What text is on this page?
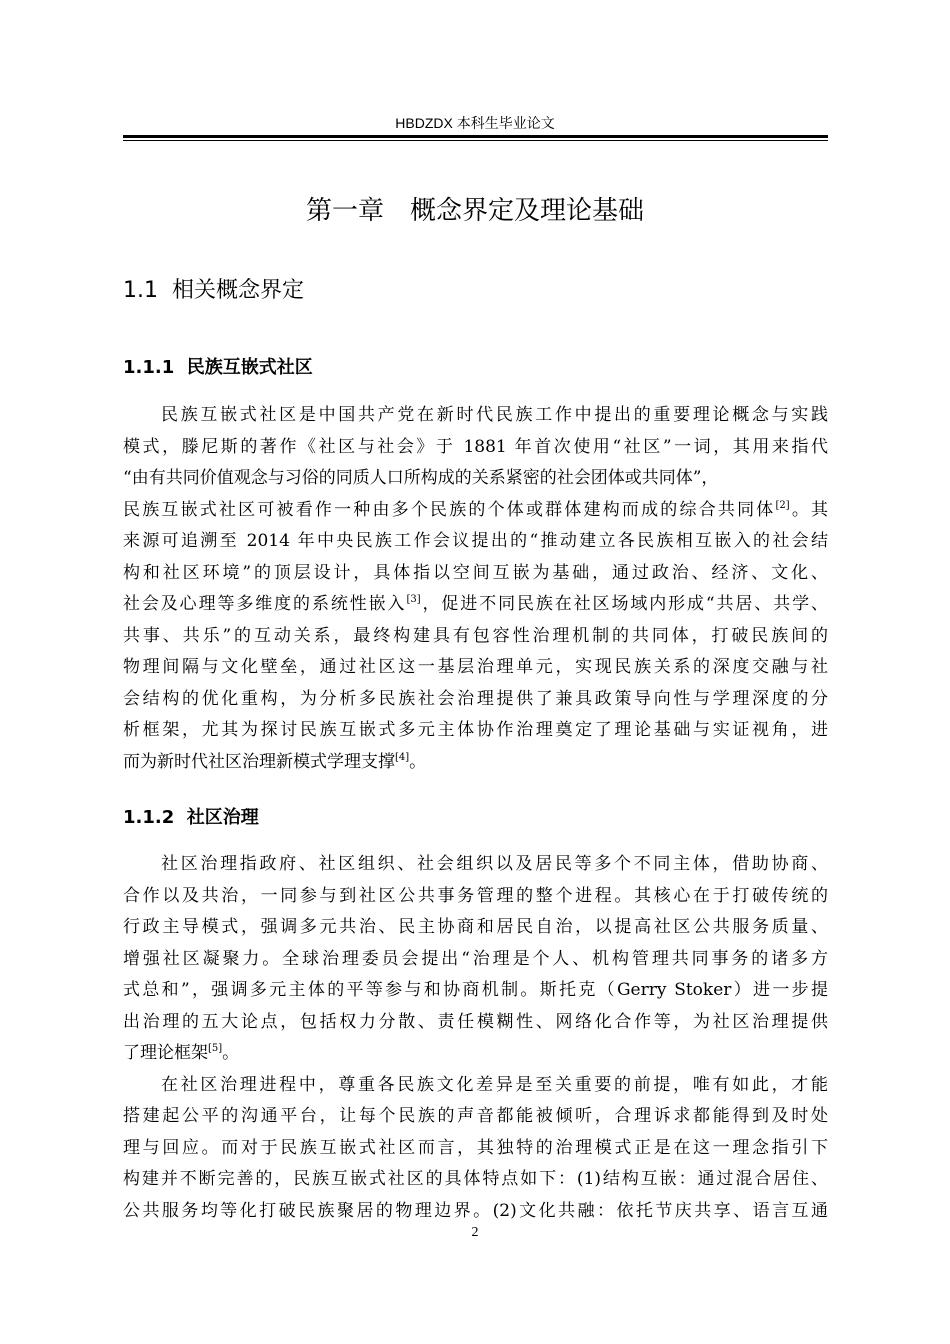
HBDZDX 本科生毕业论文
第一章　概念界定及理论基础
1.1  相关概念界定
1.1.1  民族互嵌式社区
民族互嵌式社区是中国共产党在新时代民族工作中提出的重要理论概念与实践
模式，滕尼斯的著作《社区与社会》于 1881 年首次使用“社区”一词，其用来指代
“由有共同价值观念与习俗的同质人口所构成的关系紧密的社会团体或共同体”，
民族互嵌式社区可被看作一种由多个民族的个体或群体建构而成的综合共同体[2]。其
来源可追溯至 2014 年中央民族工作会议提出的“推动建立各民族相互嵌入的社会结
构和社区环境”的顶层设计，具体指以空间互嵌为基础，通过政治、经济、文化、
社会及心理等多维度的系统性嵌入[3]，促进不同民族在社区场域内形成“共居、共学、
共事、共乐”的互动关系，最终构建具有包容性治理机制的共同体，打破民族间的
物理间隔与文化壁垒，通过社区这一基层治理单元，实现民族关系的深度交融与社
会结构的优化重构，为分析多民族社会治理提供了兼具政策导向性与学理深度的分
析框架，尤其为探讨民族互嵌式多元主体协作治理奠定了理论基础与实证视角，进
而为新时代社区治理新模式学理支撑[4]。
1.1.2  社区治理
社区治理指政府、社区组织、社会组织以及居民等多个不同主体，借助协商、
合作以及共治，一同参与到社区公共事务管理的整个进程。其核心在于打破传统的
行政主导模式，强调多元共治、民主协商和居民自治，以提高社区公共服务质量、
增强社区凝聚力。全球治理委员会提出“治理是个人、机构管理共同事务的诸多方
式总和”，强调多元主体的平等参与和协商机制。斯托克（Gerry Stoker）进一步提
出治理的五大论点，包括权力分散、责任模糊性、网络化合作等，为社区治理提供
了理论框架[5]。
在社区治理进程中，尊重各民族文化差异是至关重要的前提，唯有如此，才能
搭建起公平的沟通平台，让每个民族的声音都能被倾听，合理诉求都能得到及时处
理与回应。而对于民族互嵌式社区而言，其独特的治理模式正是在这一理念指引下
构建并不断完善的，民族互嵌式社区的具体特点如下：(1)结构互嵌：通过混合居住、
公共服务均等化打破民族聚居的物理边界。(2)文化共融：依托节庆共享、语言互通
2
